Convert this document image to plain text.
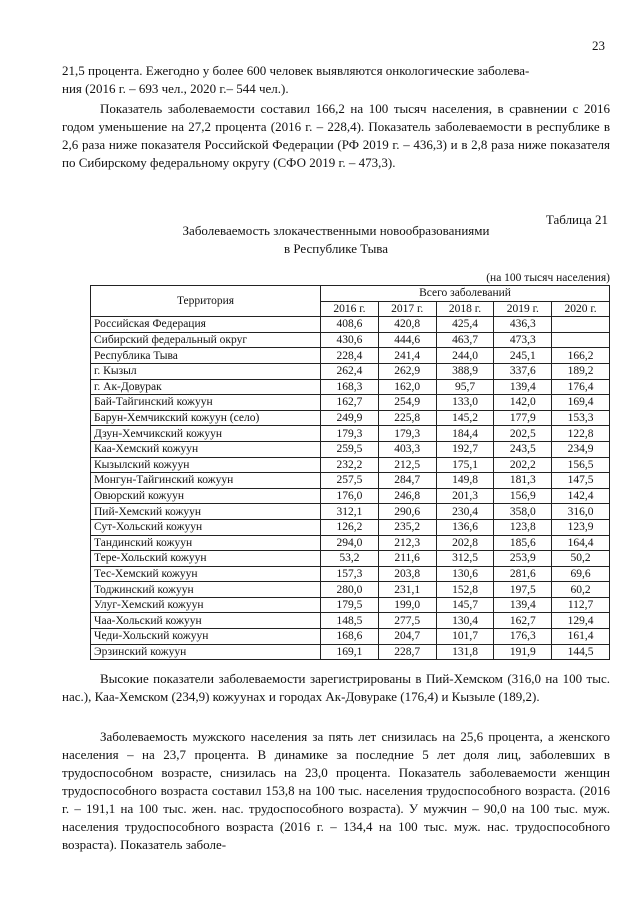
23
21,5 процента. Ежегодно у более 600 человек выявляются онкологические заболева-
ния (2016 г. – 693 чел., 2020 г.– 544 чел.).

Показатель заболеваемости составил 166,2 на 100 тысяч населения, в сравнении с 2016 годом уменьшение на 27,2 процента (2016 г. – 228,4). Показатель заболеваемости в республике в 2,6 раза ниже показателя Российской Федерации (РФ 2019 г. – 436,3) и в 2,8 раза ниже показателя по Сибирскому федеральному округу (СФО 2019 г. – 473,3).

Таблица 21
Заболеваемость злокачественными новообразованиями
в Республике Тыва
(на 100 тысяч населения)
Территория	Всего заболеваний				
	2016 г.	2017 г.	2018 г.	2019 г.	2020 г.
Российская Федерация	408,6	420,8	425,4	436,3	
Сибирский федеральный округ	430,6	444,6	463,7	473,3	
Республика Тыва	228,4	241,4	244,0	245,1	166,2
г. Кызыл	262,4	262,9	388,9	337,6	189,2
г. Ак-Довурак	168,3	162,0	95,7	139,4	176,4
Бай-Тайгинский кожуун	162,7	254,9	133,0	142,0	169,4
Барун-Хемчикский кожуун (село)	249,9	225,8	145,2	177,9	153,3
Дзун-Хемчикский кожуун	179,3	179,3	184,4	202,5	122,8
Каа-Хемский кожуун	259,5	403,3	192,7	243,5	234,9
Кызылский кожуун	232,2	212,5	175,1	202,2	156,5
Монгун-Тайгинский кожуун	257,5	284,7	149,8	181,3	147,5
Овюрский кожуун	176,0	246,8	201,3	156,9	142,4
Пий-Хемский кожуун	312,1	290,6	230,4	358,0	316,0
Сут-Хольский кожуун	126,2	235,2	136,6	123,8	123,9
Тандинский кожуун	294,0	212,3	202,8	185,6	164,4
Тере-Хольский кожуун	53,2	211,6	312,5	253,9	50,2
Тес-Хемский кожуун	157,3	203,8	130,6	281,6	69,6
Тоджинский кожуун	280,0	231,1	152,8	197,5	60,2
Улуг-Хемский кожуун	179,5	199,0	145,7	139,4	112,7
Чаа-Хольский кожуун	148,5	277,5	130,4	162,7	129,4
Чеди-Хольский кожуун	168,6	204,7	101,7	176,3	161,4
Эрзинский кожуун	169,1	228,7	131,8	191,9	144,5

Высокие показатели заболеваемости зарегистрированы в Пий-Хемском (316,0 на 100 тыс. нас.), Каа-Хемском (234,9) кожуунах и городах Ак-Довураке (176,4) и Кызыле (189,2).

Заболеваемость мужского населения за пять лет снизилась на 25,6 процента, а женского населения – на 23,7 процента. В динамике за последние 5 лет доля лиц, заболевших в трудоспособном возрасте, снизилась на 23,0 процента. Показатель заболеваемости женщин трудоспособного возраста составил 153,8 на 100 тыс. населения трудоспособного возраста. (2016 г. – 191,1 на 100 тыс. жен. нас. трудоспособного возраста). У мужчин – 90,0 на 100 тыс. муж. населения трудоспособного возраста (2016 г. – 134,4 на 100 тыс. муж. нас. трудоспособного возраста). Показатель заболе-
